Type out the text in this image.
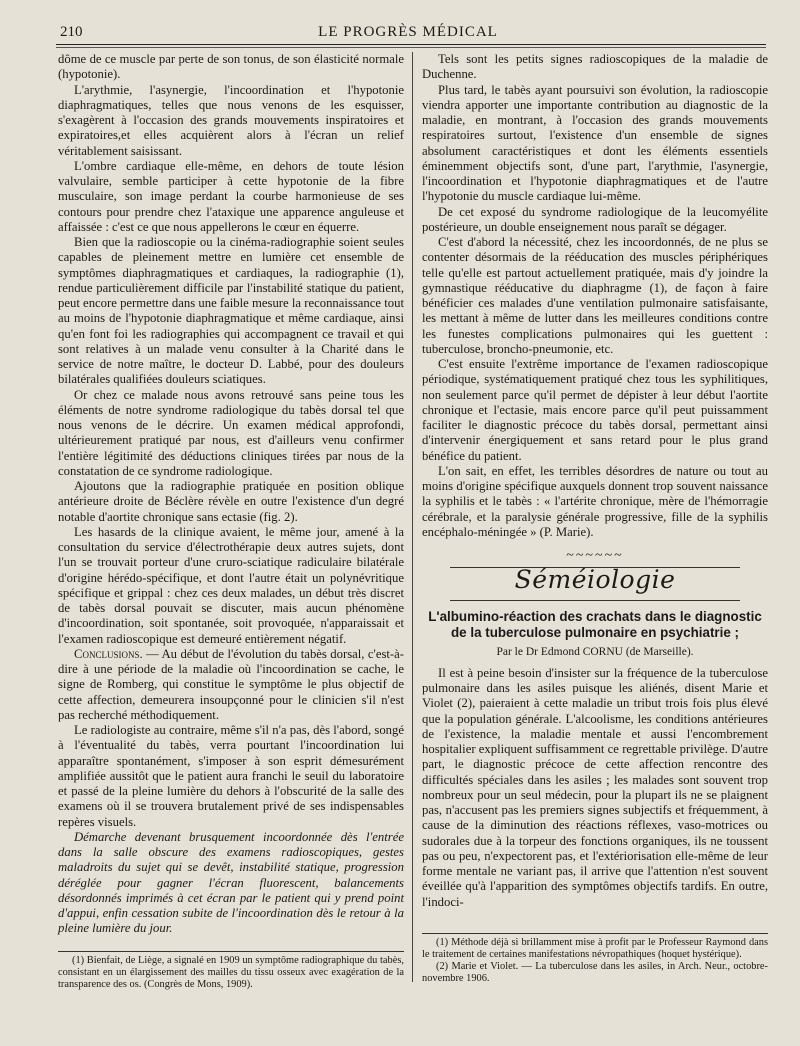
210	LE PROGRÈS MÉDICAL

dôme de ce muscle par perte de son tonus, de son élasticité normale (hypotonie).

L'arythmie, l'asynergie, l'incoordination et l'hypotonie diaphragmatiques, telles que nous venons de les esquisser, s'exagèrent à l'occasion des grands mouvements inspiratoires et expiratoires,et elles acquièrent alors à l'écran un relief véritablement saisissant.

L'ombre cardiaque elle-même, en dehors de toute lésion valvulaire, semble participer à cette hypotonie de la fibre musculaire, son image perdant la courbe harmonieuse de ses contours pour prendre chez l'ataxique une apparence anguleuse et affaissée : c'est ce que nous appellerons le cœur en équerre.

Bien que la radioscopie ou la cinéma-radiographie soient seules capables de pleinement mettre en lumière cet ensemble de symptômes diaphragmatiques et cardiaques, la radiographie (1), rendue particulièrement difficile par l'instabilité statique du patient, peut encore permettre dans une faible mesure la reconnaissance tout au moins de l'hypotonie diaphragmatique et même cardiaque, ainsi qu'en font foi les radiographies qui accompagnent ce travail et qui sont relatives à un malade venu consulter à la Charité dans le service de notre maître, le docteur D. Labbé, pour des douleurs bilatérales qualifiées douleurs sciatiques.

Or chez ce malade nous avons retrouvé sans peine tous les éléments de notre syndrome radiologique du tabès dorsal tel que nous venons de le décrire. Un examen médical approfondi, ultérieurement pratiqué par nous, est d'ailleurs venu confirmer l'entière légitimité des déductions cliniques tirées par nous de la constatation de ce syndrome radiologique.

Ajoutons que la radiographie pratiquée en position oblique antérieure droite de Béclère révèle en outre l'existence d'un degré notable d'aortite chronique sans ectasie (fig. 2).

Les hasards de la clinique avaient, le même jour, amené à la consultation du service d'électrothérapie deux autres sujets, dont l'un se trouvait porteur d'une cruro-sciatique radiculaire bilatérale d'origine hérédo-spécifique, et dont l'autre était un polynévritique spécifique et grippal : chez ces deux malades, un début très discret de tabès dorsal pouvait se discuter, mais aucun phénomène d'incoordination, soit spontanée, soit provoquée, n'apparaissait et l'examen radioscopique est demeuré entièrement négatif.

Conclusions. — Au début de l'évolution du tabès dorsal, c'est-à-dire à une période de la maladie où l'incoordination se cache, le signe de Romberg, qui constitue le symptôme le plus objectif de cette affection, demeurera insoupçonné pour le clinicien s'il n'est pas recherché méthodiquement.

Le radiologiste au contraire, même s'il n'a pas, dès l'abord, songé à l'éventualité du tabès, verra pourtant l'incoordination lui apparaître spontanément, s'imposer à son esprit démesurément amplifiée aussitôt que le patient aura franchi le seuil du laboratoire et passé de la pleine lumière du dehors à l'obscurité de la salle des examens où il se trouvera brutalement privé de ses indispensables repères visuels.

Démarche devenant brusquement incoordonnée dès l'entrée dans la salle obscure des examens radioscopiques, gestes maladroits du sujet qui se devêt, instabilité statique, progression déréglée pour gagner l'écran fluorescent, balancements désordonnés imprimés à cet écran par le patient qui y prend point d'appui, enfin cessation subite de l'incoordination dès le retour à la pleine lumière du jour.

(1) Bienfait, de Liège, a signalé en 1909 un symptôme radiographique du tabès, consistant en un élargissement des mailles du tissu osseux avec exagération de la transparence des os. (Congrès de Mons, 1909).

Tels sont les petits signes radioscopiques de la maladie de Duchenne.

Plus tard, le tabès ayant poursuivi son évolution, la radioscopie viendra apporter une importante contribution au diagnostic de la maladie, en montrant, à l'occasion des grands mouvements respiratoires surtout, l'existence d'un ensemble de signes absolument caractéristiques et dont les éléments essentiels éminemment objectifs sont, d'une part, l'arythmie, l'asynergie, l'incoordination et l'hypotonie diaphragmatiques et de l'autre l'hypotonie du muscle cardiaque lui-même.

De cet exposé du syndrome radiologique de la leucomyélite postérieure, un double enseignement nous paraît se dégager.

C'est d'abord la nécessité, chez les incoordonnés, de ne plus se contenter désormais de la rééducation des muscles périphériques telle qu'elle est partout actuellement pratiquée, mais d'y joindre la gymnastique rééducative du diaphragme (1), de façon à faire bénéficier ces malades d'une ventilation pulmonaire satisfaisante, les mettant à même de lutter dans les meilleures conditions contre les funestes complications pulmonaires qui les guettent : tuberculose, broncho-pneumonie, etc.

C'est ensuite l'extrême importance de l'examen radioscopique périodique, systématiquement pratiqué chez tous les syphilitiques, non seulement parce qu'il permet de dépister à leur début l'aortite chronique et l'ectasie, mais encore parce qu'il peut puissamment faciliter le diagnostic précoce du tabès dorsal, permettant ainsi d'intervenir énergiquement et sans retard pour le plus grand bénéfice du patient.

L'on sait, en effet, les terribles désordres de nature ou tout au moins d'origine spécifique auxquels donnent trop souvent naissance la syphilis et le tabès : « l'artérite chronique, mère de l'hémorragie cérébrale, et la paralysie générale progressive, fille de la syphilis encéphalo-méningée » (P. Marie).

~~~~~~
Séméiologie
L'albumino-réaction des crachats dans le diagnostic de la tuberculose pulmonaire en psychiatrie ;
Par le Dr Edmond CORNU (de Marseille).

Il est à peine besoin d'insister sur la fréquence de la tuberculose pulmonaire dans les asiles puisque les aliénés, disent Marie et Violet (2), paieraient à cette maladie un tribut trois fois plus élevé que la population générale. L'alcoolisme, les conditions antérieures de l'existence, la maladie mentale et aussi l'encombrement hospitalier expliquent suffisamment ce regrettable privilège. D'autre part, le diagnostic précoce de cette affection rencontre des difficultés spéciales dans les asiles ; les malades sont souvent trop nombreux pour un seul médecin, pour la plupart ils ne se plaignent pas, n'accusent pas les premiers signes subjectifs et fréquemment, à cause de la diminution des réactions réflexes, vaso-motrices ou sudorales due à la torpeur des fonctions organiques, ils ne toussent pas ou peu, n'expectorent pas, et l'extériorisation elle-même de leur forme mentale ne variant pas, il arrive que l'attention n'est souvent éveillée qu'à l'apparition des symptômes objectifs tardifs. En outre, l'indoci-

(1) Méthode déjà si brillamment mise à profit par le Professeur Raymond dans le traitement de certaines manifestations névropathiques (hoquet hystérique).

(2) Marie et Violet. — La tuberculose dans les asiles, in Arch. Neur., octobre-novembre 1906.
